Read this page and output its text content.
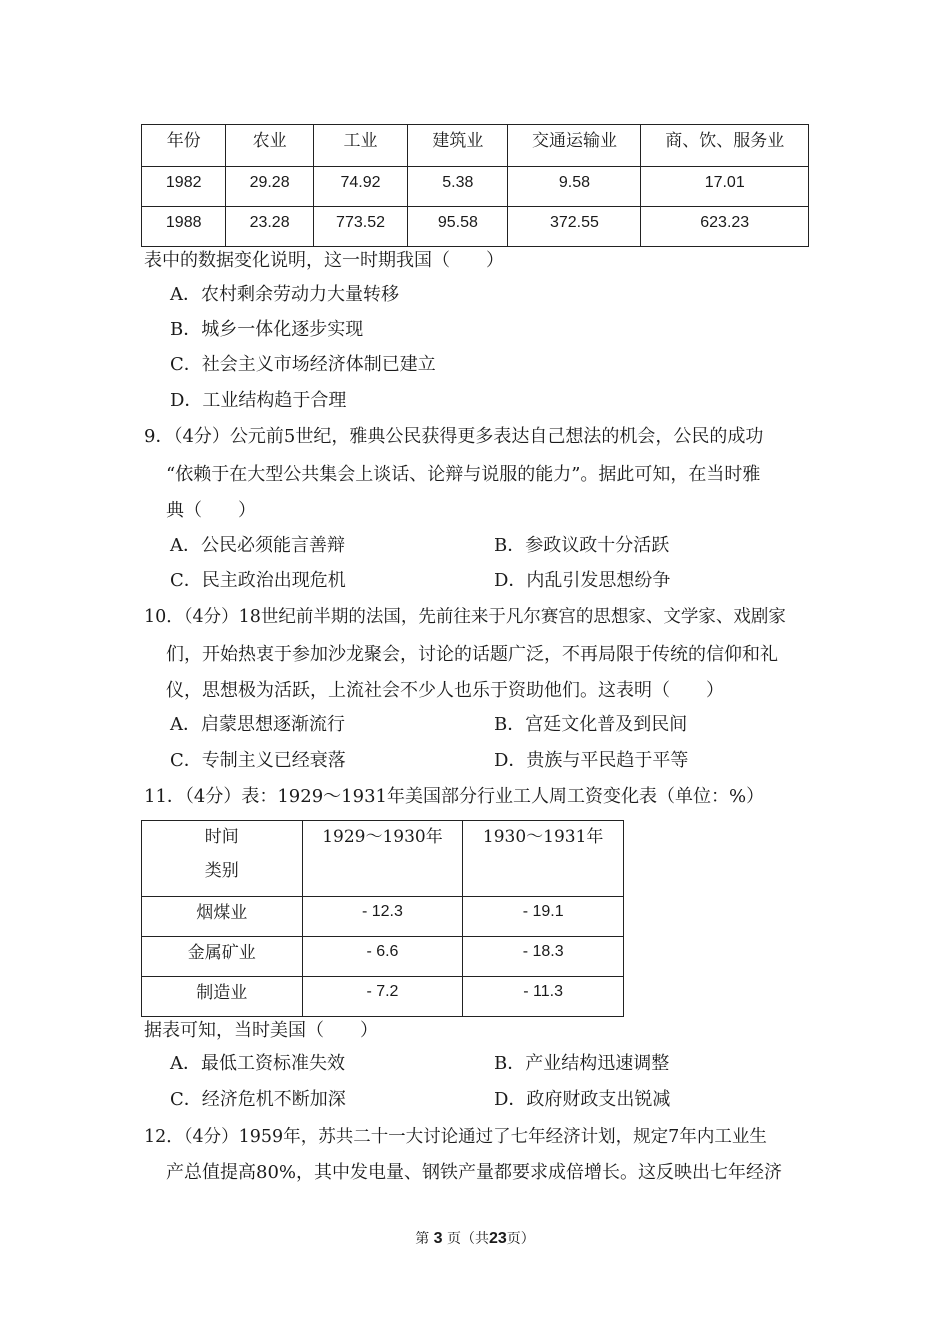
年份	农业	工业	建筑业	交通运输业	商、饮、服务业
1982	29.28	74.92	5.38	9.58	17.01
1988	23.28	773.52	95.58	372.55	623.23
表中的数据变化说明，这一时期我国（　　）
A．农村剩余劳动力大量转移
B．城乡一体化逐步实现
C．社会主义市场经济体制已建立
D．工业结构趋于合理
9．（4分）公元前5世纪，雅典公民获得更多表达自己想法的机会，公民的成功
“依赖于在大型公共集会上谈话、论辩与说服的能力”。据此可知，在当时雅
典（　　）
A．公民必须能言善辩	B．参政议政十分活跃
C．民主政治出现危机	D．内乱引发思想纷争
10．（4分）18世纪前半期的法国，先前往来于凡尔赛宫的思想家、文学家、戏剧家
们，开始热衷于参加沙龙聚会，讨论的话题广泛，不再局限于传统的信仰和礼
仪，思想极为活跃，上流社会不少人也乐于资助他们。这表明（　　）
A．启蒙思想逐渐流行	B．宫廷文化普及到民间
C．专制主义已经衰落	D．贵族与平民趋于平等
11．（4分）表：1929～1931年美国部分行业工人周工资变化表（单位：%）
时间
类别	1929～1930年	1930～1931年
烟煤业	- 12.3	- 19.1
金属矿业	- 6.6	- 18.3
制造业	- 7.2	- 11.3
据表可知，当时美国（　　）
A．最低工资标准失效	B．产业结构迅速调整
C．经济危机不断加深	D．政府财政支出锐减
12．（4分）1959年，苏共二十一大讨论通过了七年经济计划，规定7年内工业生
产总值提高80%，其中发电量、钢铁产量都要求成倍增长。这反映出七年经济
第 3 页（共23页）
